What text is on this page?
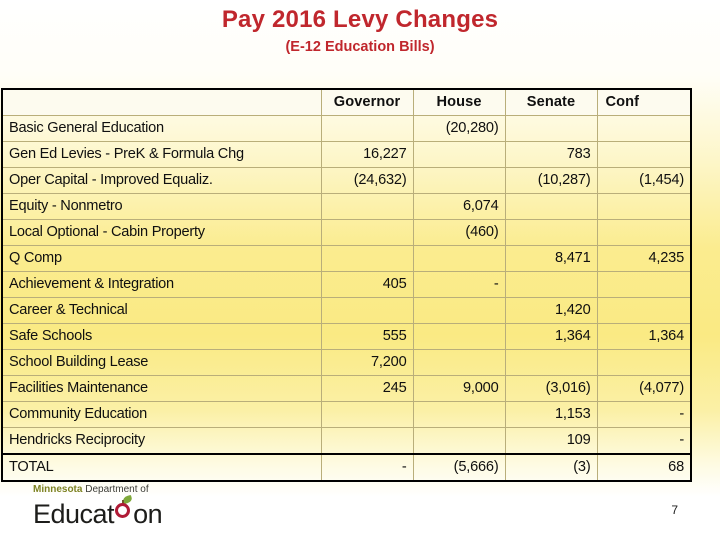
Pay 2016 Levy Changes
(E-12 Education Bills)
	Governor	House	Senate	Conf
Basic General Education		(20,280)		
Gen Ed Levies - PreK & Formula Chg	16,227		783	
Oper Capital - Improved Equaliz.	(24,632)		(10,287)	(1,454)
Equity - Nonmetro		6,074		
Local Optional - Cabin Property		(460)		
Q Comp			8,471	4,235
Achievement & Integration	405	-		
Career & Technical			1,420	
Safe Schools	555		1,364	1,364
School Building Lease	7,200			
Facilities Maintenance	245	9,000	(3,016)	(4,077)
Community Education			1,153	-
Hendricks Reciprocity			109	-
TOTAL	-	(5,666)	(3)	68
Minnesota Department of
Educat on	7
